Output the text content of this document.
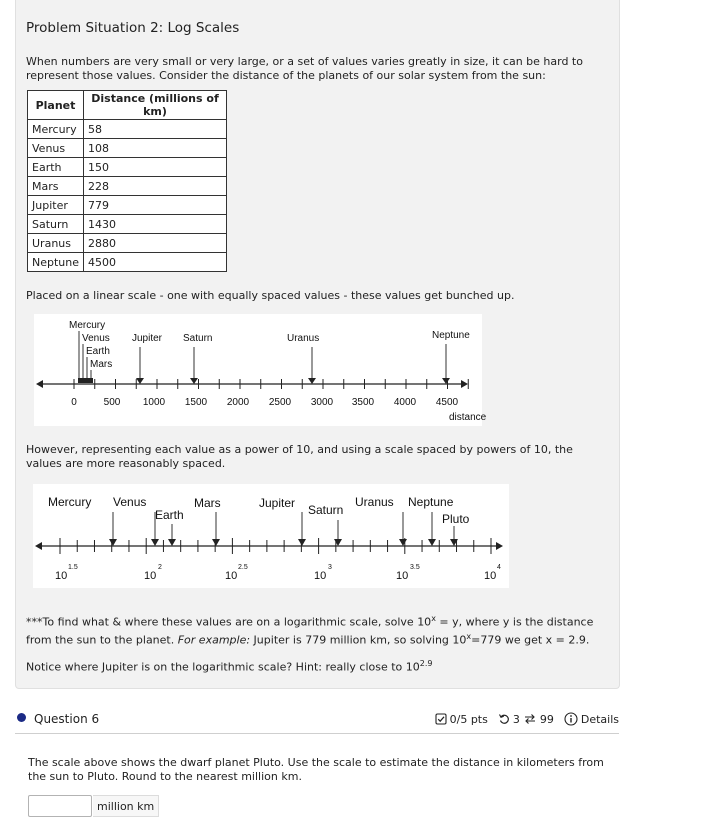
Problem Situation 2: Log Scales
When numbers are very small or very large, or a set of values varies greatly in size, it can be hard to represent those values. Consider the distance of the planets of our solar system from the sun:
Planet	Distance (millions of km)
Mercury	58
Venus	108
Earth	150
Mars	228
Jupiter	779
Saturn	1430
Uranus	2880
Neptune	4500
Placed on a linear scale - one with equally spaced values - these values get bunched up.
0	500 1000 1500 2000 2500 3000 3500 4000 4500
distance
Mercury
Venus
Earth
Mars
Jupiter Saturn	Uranus	Neptune
However, representing each value as a power of 10, and using a scale spaced by powers of 10, the values are more reasonably spaced.
Mercury Venus
Earth
Mars	Jupiter Saturn
Uranus Neptune
Pluto
10
1.5
10
2
10
2.5
10
3
10
3.5
10
4
***To find what & where these values are on a logarithmic scale, solve $10^x = y$, where y is the distance from the sun to the planet. For example: Jupiter is 779 million km, so solving $10^x=779$ we get x = 2.9.
Notice where Jupiter is on the logarithmic scale? Hint: really close to $10^{2.9}$
Question 6	0/5 pts 3 99 Details
The scale above shows the dwarf planet Pluto. Use the scale to estimate the distance in kilometers from the sun to Pluto. Round to the nearest million km.
million km
